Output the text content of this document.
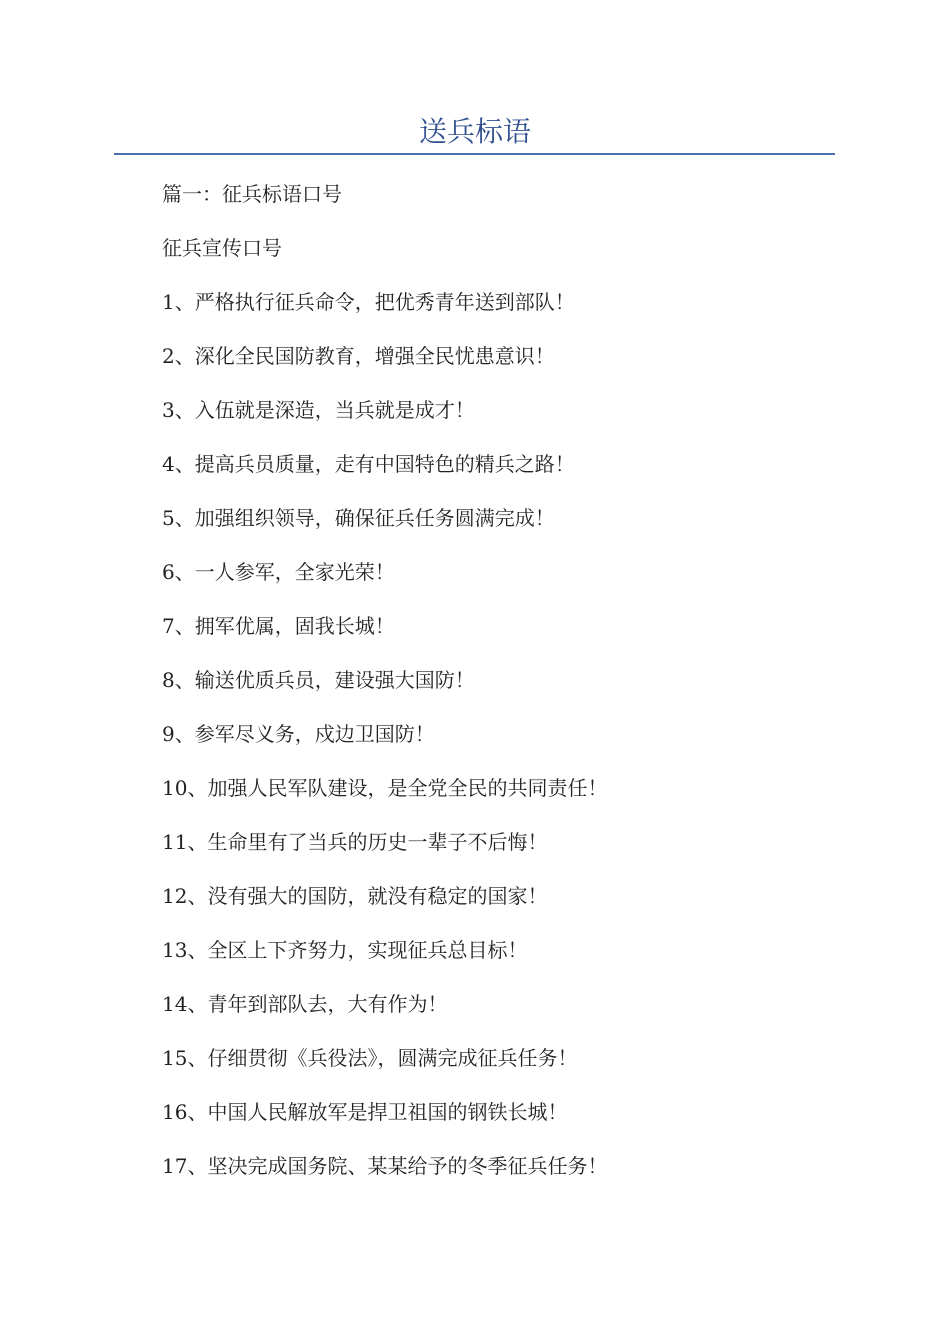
送兵标语

篇一：征兵标语口号

征兵宣传口号

1、严格执行征兵命令，把优秀青年送到部队！

2、深化全民国防教育，增强全民忧患意识！

3、入伍就是深造，当兵就是成才！

4、提高兵员质量，走有中国特色的精兵之路！

5、加强组织领导，确保征兵任务圆满完成！

6、一人参军，全家光荣！

7、拥军优属，固我长城！

8、输送优质兵员，建设强大国防！

9、参军尽义务，戍边卫国防！

10、加强人民军队建设，是全党全民的共同责任！

11、生命里有了当兵的历史一辈子不后悔！

12、没有强大的国防，就没有稳定的国家！

13、全区上下齐努力，实现征兵总目标！

14、青年到部队去，大有作为！

15、仔细贯彻《兵役法》，圆满完成征兵任务！

16、中国人民解放军是捍卫祖国的钢铁长城！

17、坚决完成国务院、某某给予的冬季征兵任务！
